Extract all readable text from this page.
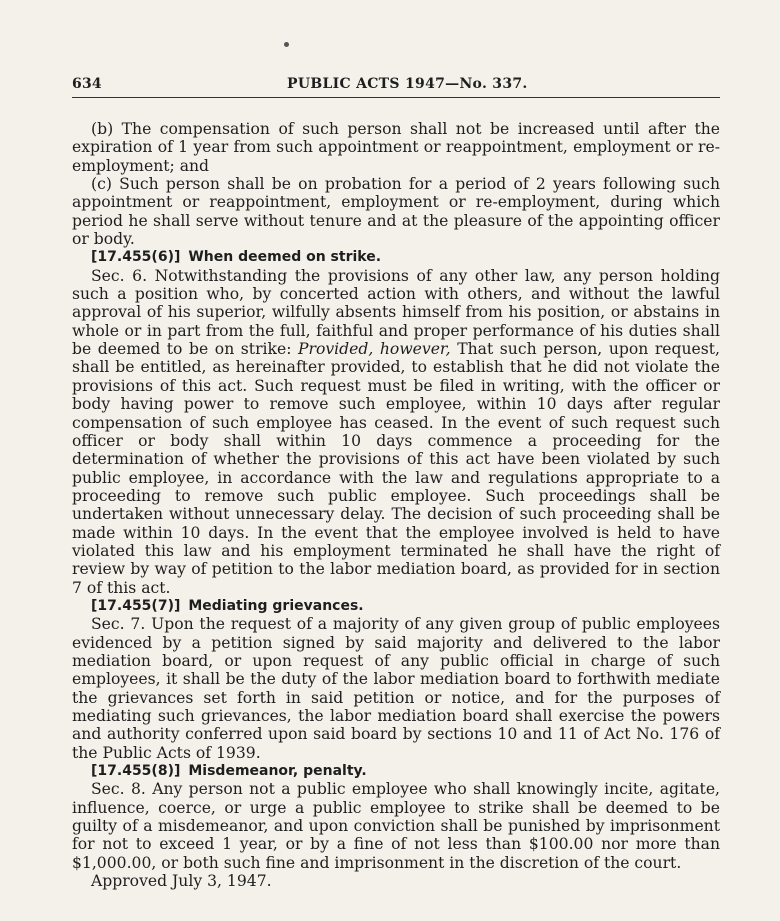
634	PUBLIC ACTS 1947—No. 337.

(b) The compensation of such person shall not be increased until after the expiration of 1 year from such appointment or reappointment, employment or re-employment; and

(c) Such person shall be on probation for a period of 2 years following such appointment or reappointment, employment or re-employment, during which period he shall serve without tenure and at the pleasure of the appointing officer or body.

[17.455(6)] When deemed on strike.

Sec. 6. Notwithstanding the provisions of any other law, any person holding such a position who, by concerted action with others, and without the lawful approval of his superior, wilfully absents himself from his position, or abstains in whole or in part from the full, faithful and proper performance of his duties shall be deemed to be on strike: Provided, however, That such person, upon request, shall be entitled, as hereinafter provided, to establish that he did not violate the provisions of this act. Such request must be filed in writing, with the officer or body having power to remove such employee, within 10 days after regular compensation of such employee has ceased. In the event of such request such officer or body shall within 10 days commence a proceeding for the determination of whether the provisions of this act have been violated by such public employee, in accordance with the law and regulations appropriate to a proceeding to remove such public employee. Such proceedings shall be undertaken without unnecessary delay. The decision of such proceeding shall be made within 10 days. In the event that the employee involved is held to have violated this law and his employment terminated he shall have the right of review by way of petition to the labor mediation board, as provided for in section 7 of this act.

[17.455(7)] Mediating grievances.

Sec. 7. Upon the request of a majority of any given group of public employees evidenced by a petition signed by said majority and delivered to the labor mediation board, or upon request of any public official in charge of such employees, it shall be the duty of the labor mediation board to forthwith mediate the grievances set forth in said petition or notice, and for the purposes of mediating such grievances, the labor mediation board shall exercise the powers and authority conferred upon said board by sections 10 and 11 of Act No. 176 of the Public Acts of 1939.

[17.455(8)] Misdemeanor, penalty.

Sec. 8. Any person not a public employee who shall knowingly incite, agitate, influence, coerce, or urge a public employee to strike shall be deemed to be guilty of a misdemeanor, and upon conviction shall be punished by imprisonment for not to exceed 1 year, or by a fine of not less than $100.00 nor more than $1,000.00, or both such fine and imprisonment in the discretion of the court.

Approved July 3, 1947.
